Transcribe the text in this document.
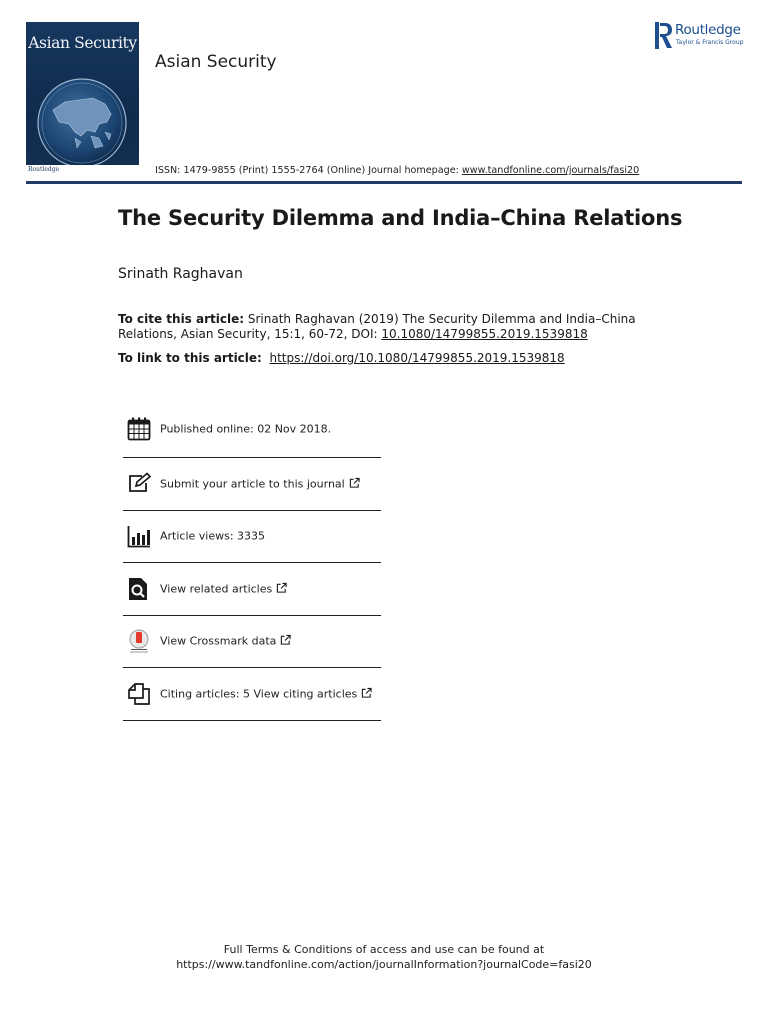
Asian Security
Routledge
Asian Security
Routledge
Taylor & Francis Group
ISSN: 1479-9855 (Print) 1555-2764 (Online) Journal homepage: www.tandfonline.com/journals/fasi20
The Security Dilemma and India–China Relations
Srinath Raghavan
To cite this article: Srinath Raghavan (2019) The Security Dilemma and India–China Relations, Asian Security, 15:1, 60-72, DOI: 10.1080/14799855.2019.1539818
To link to this article: https://doi.org/10.1080/14799855.2019.1539818
Published online: 02 Nov 2018.
Submit your article to this journal
Article views: 3335
View related articles
View Crossmark data
Citing articles: 5 View citing articles
Full Terms & Conditions of access and use can be found at
https://www.tandfonline.com/action/journalInformation?journalCode=fasi20
